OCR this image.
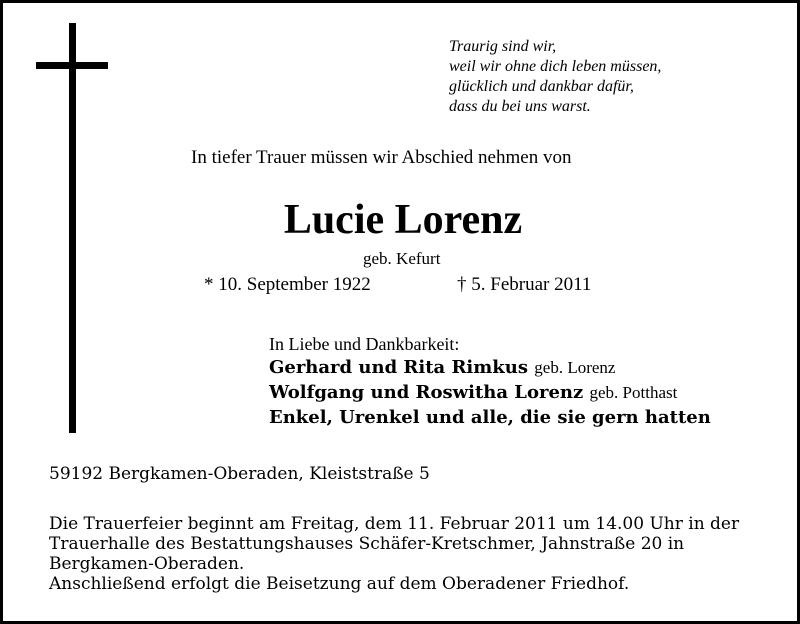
Traurig sind wir,
weil wir ohne dich leben müssen,
glücklich und dankbar dafür,
dass du bei uns warst.
In tiefer Trauer müssen wir Abschied nehmen von
Lucie Lorenz
geb. Kefurt
* 10. September 1922	† 5. Februar 2011
In Liebe und Dankbarkeit:
Gerhard und Rita Rimkus geb. Lorenz
Wolfgang und Roswitha Lorenz geb. Potthast
Enkel, Urenkel und alle, die sie gern hatten
59192 Bergkamen-Oberaden, Kleiststraße 5
Die Trauerfeier beginnt am Freitag, dem 11. Februar 2011 um 14.00 Uhr in der
Trauerhalle des Bestattungshauses Schäfer-Kretschmer, Jahnstraße 20 in
Bergkamen-Oberaden.
Anschließend erfolgt die Beisetzung auf dem Oberadener Friedhof.
